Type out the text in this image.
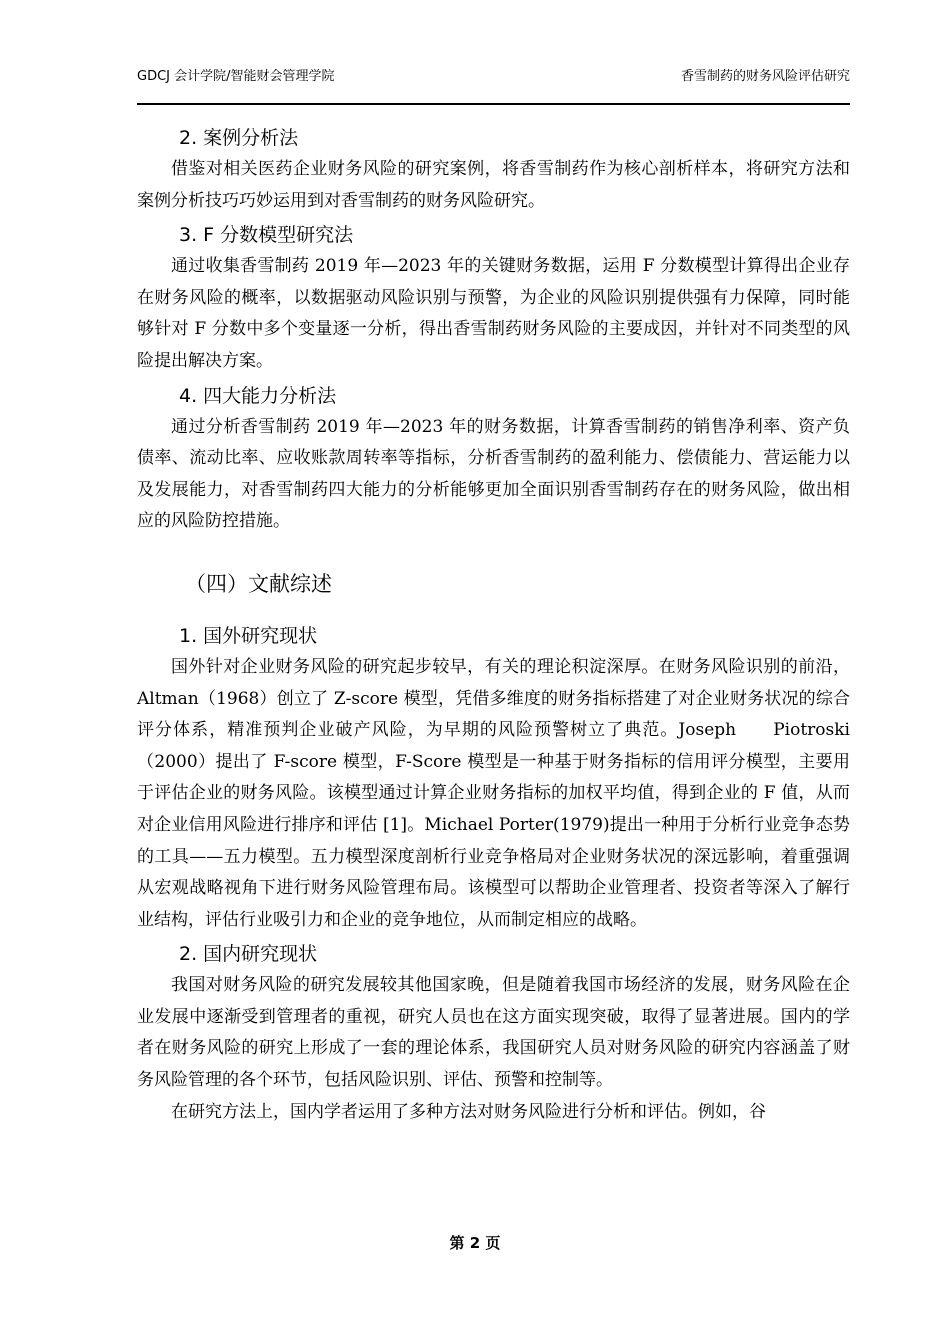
GDCJ 会计学院/智能财会管理学院	香雪制药的财务风险评估研究
2. 案例分析法

借鉴对相关医药企业财务风险的研究案例，将香雪制药作为核心剖析样本，将研究方法和案例分析技巧巧妙运用到对香雪制药的财务风险研究。

3. F 分数模型研究法

通过收集香雪制药 2019 年—2023 年的关键财务数据，运用 F 分数模型计算得出企业存在财务风险的概率，以数据驱动风险识别与预警，为企业的风险识别提供强有力保障，同时能够针对 F 分数中多个变量逐一分析，得出香雪制药财务风险的主要成因，并针对不同类型的风险提出解决方案。

4. 四大能力分析法

通过分析香雪制药 2019 年—2023 年的财务数据，计算香雪制药的销售净利率、资产负债率、流动比率、应收账款周转率等指标，分析香雪制药的盈利能力、偿债能力、营运能力以及发展能力，对香雪制药四大能力的分析能够更加全面识别香雪制药存在的财务风险，做出相应的风险防控措施。

（四）文献综述
1. 国外研究现状

国外针对企业财务风险的研究起步较早，有关的理论积淀深厚。在财务风险识别的前沿，Altman（1968）创立了 Z-score 模型，凭借多维度的财务指标搭建了对企业财务状况的综合评分体系，精准预判企业破产风险，为早期的风险预警树立了典范。Joseph　　Piotroski（2000）提出了 F-score 模型，F-Score 模型是一种基于财务指标的信用评分模型，主要用于评估企业的财务风险。该模型通过计算企业财务指标的加权平均值，得到企业的 F 值，从而对企业信用风险进行排序和评估 [1]。Michael Porter(1979)提出一种用于分析行业竞争态势的工具——五力模型。五力模型深度剖析行业竞争格局对企业财务状况的深远影响，着重强调从宏观战略视角下进行财务风险管理布局。该模型可以帮助企业管理者、投资者等深入了解行业结构，评估行业吸引力和企业的竞争地位，从而制定相应的战略。

2. 国内研究现状

我国对财务风险的研究发展较其他国家晚，但是随着我国市场经济的发展，财务风险在企业发展中逐渐受到管理者的重视，研究人员也在这方面实现突破，取得了显著进展。国内的学者在财务风险的研究上形成了一套的理论体系，我国研究人员对财务风险的研究内容涵盖了财务风险管理的各个环节，包括风险识别、评估、预警和控制等。

在研究方法上，国内学者运用了多种方法对财务风险进行分析和评估。例如，谷

第 2 页
